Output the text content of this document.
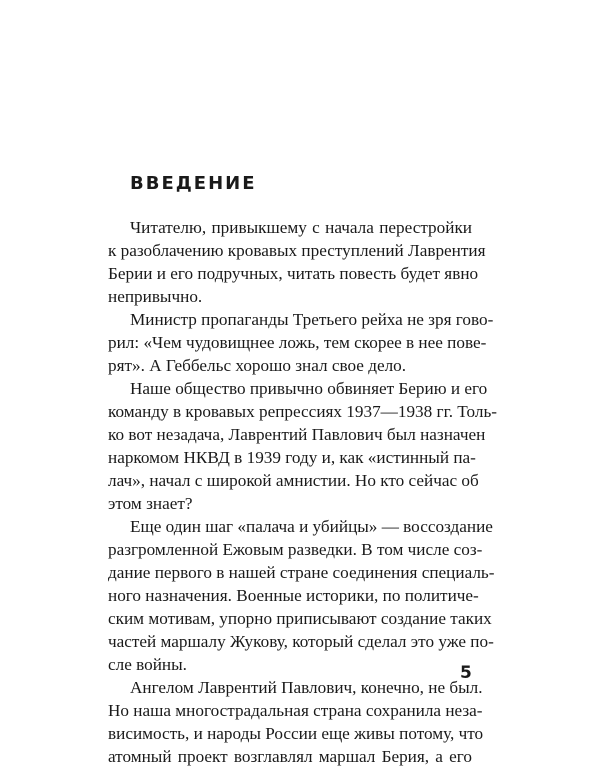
ВВЕДЕНИЕ
Читателю, привыкшему с начала перестройки
к разоблачению кровавых преступлений Лаврентия
Берии и его подручных, читать повесть будет явно
непривычно.
Министр пропаганды Третьего рейха не зря гово-
рил: «Чем чудовищнее ложь, тем скорее в нее пове-
рят». А Геббельс хорошо знал свое дело.
Наше общество привычно обвиняет Берию и его
команду в кровавых репрессиях 1937—1938 гг. Толь-
ко вот незадача, Лаврентий Павлович был назначен
наркомом НКВД в 1939 году и, как «истинный па-
лач», начал с широкой амнистии. Но кто сейчас об
этом знает?
Еще один шаг «палача и убийцы» — воссоздание
разгромленной Ежовым разведки. В том числе соз-
дание первого в нашей стране соединения специаль-
ного назначения. Военные историки, по политиче-
ским мотивам, упорно приписывают создание таких
частей маршалу Жукову, который сделал это уже по-
сле войны.
Ангелом Лаврентий Павлович, конечно, не был.
Но наша многострадальная страна сохранила неза-
висимость, и народы России еще живы потому, что
атомный проект возглавлял маршал Берия, а его
5
